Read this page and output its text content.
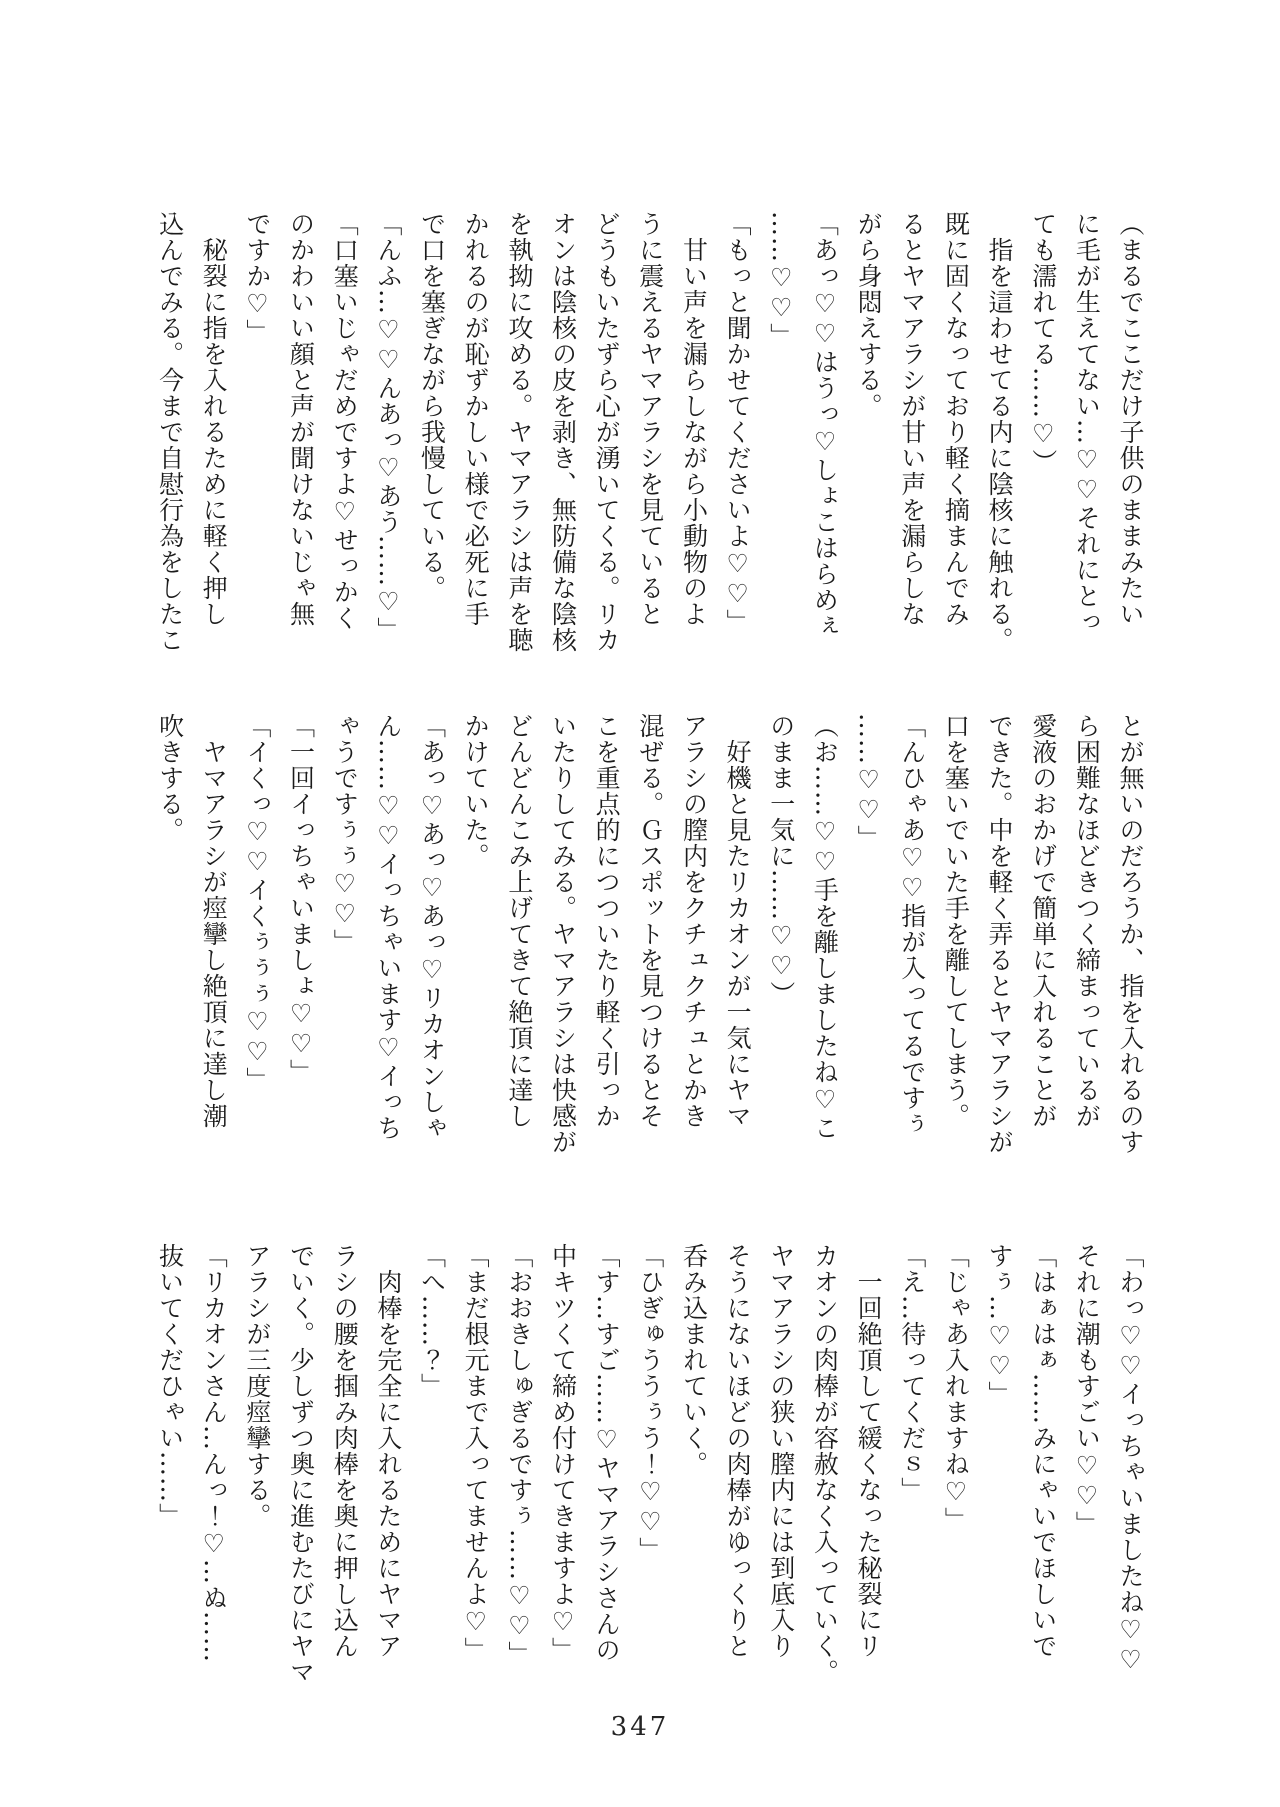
（まるでここだけ子供のままみたい
に毛が生えてない…♡♡それにとっ
ても濡れてる……♡）
　指を這わせてる内に陰核に触れる。
既に固くなっており軽く摘まんでみ
るとヤマアラシが甘い声を漏らしな
がら身悶えする。
「あっ♡♡はうっ♡しょこはらめぇ
……♡♡」
「もっと聞かせてくださいよ♡♡」
　甘い声を漏らしながら小動物のよ
うに震えるヤマアラシを見ていると
どうもいたずら心が湧いてくる。リカ
オンは陰核の皮を剥き、無防備な陰核
を執拗に攻める。ヤマアラシは声を聴
かれるのが恥ずかしい様で必死に手
で口を塞ぎながら我慢している。
「んふ…♡♡んあっ♡あう……♡」
「口塞いじゃだめですよ♡せっかく
のかわいい顔と声が聞けないじゃ無
ですか♡」
　秘裂に指を入れるために軽く押し
込んでみる。今まで自慰行為をしたこ
とが無いのだろうか、指を入れるのす
ら困難なほどきつく締まっているが
愛液のおかげで簡単に入れることが
できた。中を軽く弄るとヤマアラシが
口を塞いでいた手を離してしまう。
「んひゃあ♡♡指が入ってるですぅ
……♡♡」
（お……♡♡手を離しましたね♡こ
のまま一気に……♡♡）
　好機と見たリカオンが一気にヤマ
アラシの膣内をクチュクチュとかき
混ぜる。Ｇスポットを見つけるとそ
こを重点的につついたり軽く引っか
いたりしてみる。ヤマアラシは快感が
どんどんこみ上げてきて絶頂に達し
かけていた。
「あっ♡あっ♡あっ♡リカオンしゃ
ん……♡♡イっちゃいます♡イっち
ゃうですぅぅ♡♡」
「一回イっちゃいましょ♡♡」
「イくっ♡♡イくぅぅぅ♡♡」
　ヤマアラシが痙攣し絶頂に達し潮
吹きする。
「わっ♡♡イっちゃいましたね♡♡
それに潮もすごい♡♡」
「はぁはぁ……みにゃいでほしいで
すぅ…♡♡」
「じゃあ入れますね♡」
「え…待ってくだｓ」
　一回絶頂して緩くなった秘裂にリ
カオンの肉棒が容赦なく入っていく。
ヤマアラシの狭い膣内には到底入り
そうにないほどの肉棒がゆっくりと
呑み込まれていく。
「ひぎゅううぅう！♡♡」
「す…すご……♡ヤマアラシさんの
中キツくて締め付けてきますよ♡」
「おおきしゅぎるですぅ……♡♡」
「まだ根元まで入ってませんよ♡」
「へ……？」
　肉棒を完全に入れるためにヤマア
ラシの腰を掴み肉棒を奥に押し込ん
でいく。少しずつ奥に進むたびにヤマ
アラシが三度痙攣する。
「リカオンさん…んっ！♡…ぬ……
抜いてくだひゃい……」
347
